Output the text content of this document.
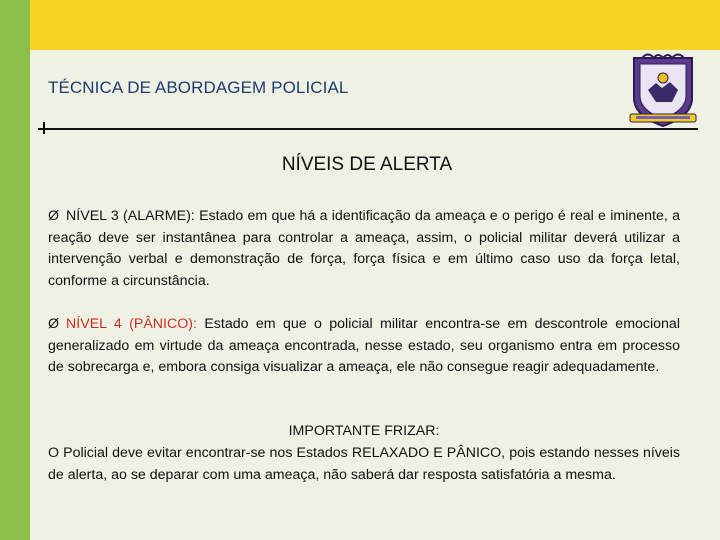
TÉCNICA DE ABORDAGEM POLICIAL
NÍVEIS DE ALERTA
Ø NÍVEL 3 (ALARME): Estado em que há a identificação da ameaça e o perigo é real e iminente, a reação deve ser instantânea para controlar a ameaça, assim, o policial militar deverá utilizar a intervenção verbal e demonstração de força, força física e em último caso uso da força letal, conforme a circunstância.
Ø NÍVEL 4 (PÂNICO): Estado em que o policial militar encontra-se em descontrole emocional generalizado em virtude da ameaça encontrada, nesse estado, seu organismo entra em processo de sobrecarga e, embora consiga visualizar a ameaça, ele não consegue reagir adequadamente.
IMPORTANTE FRIZAR:
O Policial deve evitar encontrar-se nos Estados RELAXADO E PÂNICO, pois estando nesses níveis de alerta, ao se deparar com uma ameaça, não saberá dar resposta satisfatória a mesma.
